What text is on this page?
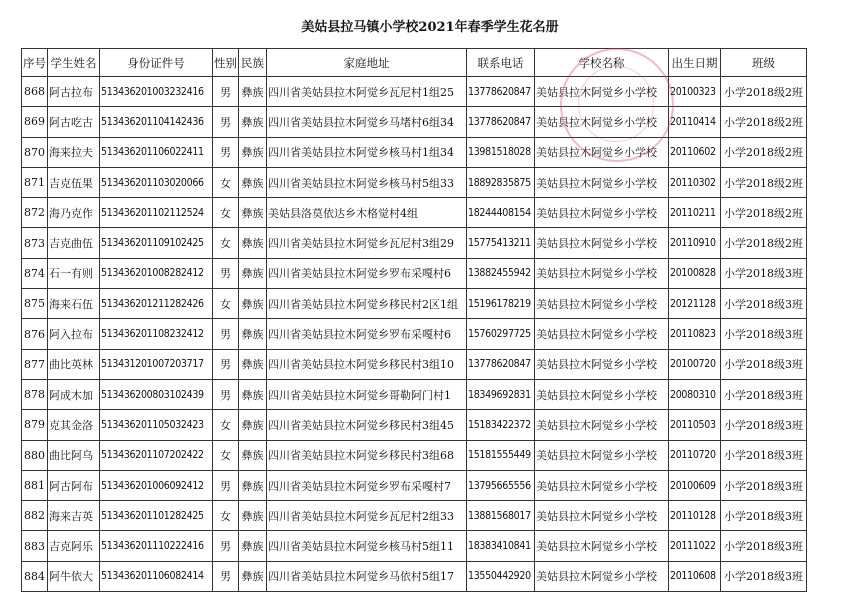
美姑县拉马镇小学校2021年春季学生花名册
序号	学生姓名	身份证件号	性别	民族	家庭地址	联系电话	学校名称	出生日期	班级
868	阿古拉布	513436201003232416	男	彝族	四川省美姑县拉木阿觉乡瓦尼村1组25	13778620847	美姑县拉木阿觉乡小学校	20100323	小学2018级2班
869	阿古吃古	513436201104142436	男	彝族	四川省美姑县拉木阿觉乡马堵村6组34	13778620847	美姑县拉木阿觉乡小学校	20110414	小学2018级2班
870	海来拉夫	513436201106022411	男	彝族	四川省美姑县拉木阿觉乡核马村1组34	13981518028	美姑县拉木阿觉乡小学校	20110602	小学2018级2班
871	吉克伍果	513436201103020066	女	彝族	四川省美姑县拉木阿觉乡核马村5组33	18892835875	美姑县拉木阿觉乡小学校	20110302	小学2018级2班
872	海乃克作	513436201102112524	女	彝族	美姑县洛莫依达乡木格觉村4组	18244408154	美姑县拉木阿觉乡小学校	20110211	小学2018级2班
873	吉克曲伍	513436201109102425	女	彝族	四川省美姑县拉木阿觉乡瓦尼村3组29	15775413211	美姑县拉木阿觉乡小学校	20110910	小学2018级2班
874	石一有则	513436201008282412	男	彝族	四川省美姑县拉木阿觉乡罗布采嘎村6	13882455942	美姑县拉木阿觉乡小学校	20100828	小学2018级3班
875	海来石伍	513436201211282426	女	彝族	四川省美姑县拉木阿觉乡移民村2区1组	15196178219	美姑县拉木阿觉乡小学校	20121128	小学2018级3班
876	阿入拉布	513436201108232412	男	彝族	四川省美姑县拉木阿觉乡罗布采嘎村6	15760297725	美姑县拉木阿觉乡小学校	20110823	小学2018级3班
877	曲比英林	513431201007203717	男	彝族	四川省美姑县拉木阿觉乡移民村3组10	13778620847	美姑县拉木阿觉乡小学校	20100720	小学2018级3班
878	阿成木加	513436200803102439	男	彝族	四川省美姑县拉木阿觉乡哥勒阿门村1	18349692831	美姑县拉木阿觉乡小学校	20080310	小学2018级3班
879	克其金洛	513436201105032423	女	彝族	四川省美姑县拉木阿觉乡移民村3组45	15183422372	美姑县拉木阿觉乡小学校	20110503	小学2018级3班
880	曲比阿乌	513436201107202422	女	彝族	四川省美姑县拉木阿觉乡移民村3组68	15181555449	美姑县拉木阿觉乡小学校	20110720	小学2018级3班
881	阿古阿布	513436201006092412	男	彝族	四川省美姑县拉木阿觉乡罗布采嘎村7	13795665556	美姑县拉木阿觉乡小学校	20100609	小学2018级3班
882	海来吉英	513436201101282425	女	彝族	四川省美姑县拉木阿觉乡瓦尼村2组33	13881568017	美姑县拉木阿觉乡小学校	20110128	小学2018级3班
883	吉克阿乐	513436201110222416	男	彝族	四川省美姑县拉木阿觉乡核马村5组11	18383410841	美姑县拉木阿觉乡小学校	20111022	小学2018级3班
884	阿牛依大	513436201106082414	男	彝族	四川省美姑县拉木阿觉乡马依村5组17	13550442920	美姑县拉木阿觉乡小学校	20110608	小学2018级3班
